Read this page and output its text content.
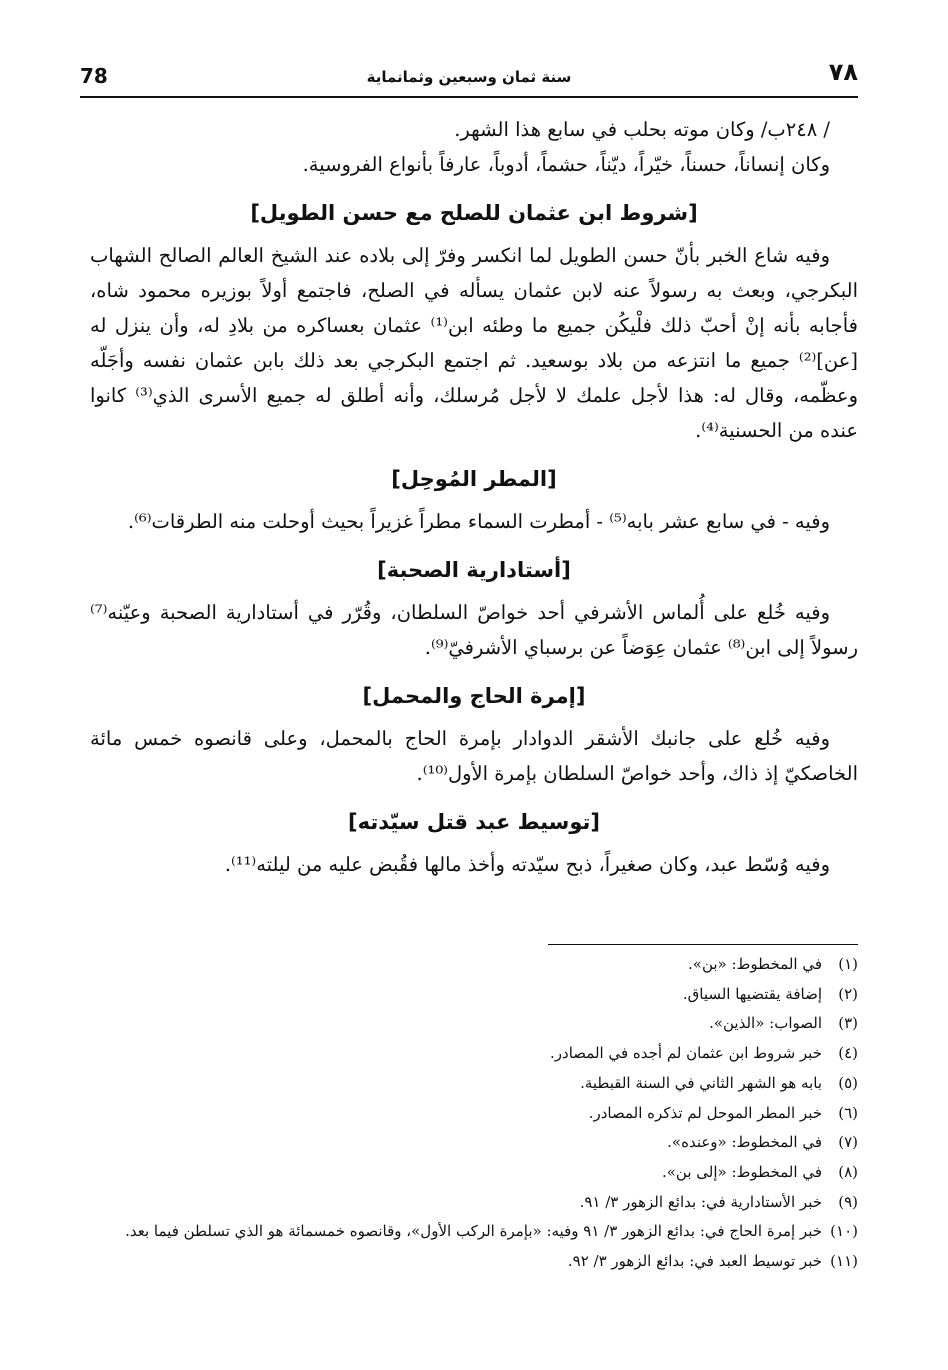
٧٨
سنة ثمان وسبعين وثمانماية
78

/ ٢٤٨ب/ وكان موته بحلب في سابع هذا الشهر.

وكان إنساناً، حسناً، خيّراً، ديّناً، حشماً، أدوباً، عارفاً بأنواع الفروسية.

[شروط ابن عثمان للصلح مع حسن الطويل]

وفيه شاع الخبر بأنّ حسن الطويل لما انكسر وفرّ إلى بلاده عند الشيخ العالم الصالح الشهاب البكرجي، وبعث به رسولاً عنه لابن عثمان يسأله في الصلح، فاجتمع أولاً بوزيره محمود شاه، فأجابه بأنه إنْ أحبّ ذلك فلْيكُن جميع ما وطئه ابن⁽¹⁾ عثمان بعساكره من بلادِ له، وأن ينزل له [عن]⁽²⁾ جميع ما انتزعه من بلاد بوسعيد. ثم اجتمع البكرجي بعد ذلك بابن عثمان نفسه وأجَلّه وعظّمه، وقال له: هذا لأجل علمك لا لأجل مُرسلك، وأنه أطلق له جميع الأسرى الذي⁽³⁾ كانوا عنده من الحسنية⁽⁴⁾.

[المطر المُوحِل]

وفيه - في سابع عشر بابه⁽⁵⁾ - أمطرت السماء مطراً غزيراً بحيث أوحلت منه الطرقات⁽⁶⁾.

[أستادارية الصحبة]

وفيه خُلع على أُلماس الأشرفي أحد خواصّ السلطان، وقُرّر في أستادارية الصحبة وعيّنه⁽⁷⁾ رسولاً إلى ابن⁽⁸⁾ عثمان عِوَضاً عن برسباي الأشرفيّ⁽⁹⁾.

[إمرة الحاج والمحمل]

وفيه خُلع على جانبك الأشقر الدوادار بإمرة الحاج بالمحمل، وعلى قانصوه خمس مائة الخاصكيّ إذ ذاك، وأحد خواصّ السلطان بإمرة الأول⁽¹⁰⁾.

[توسيط عبد قتل سيّدته]

وفيه وُسّط عبد، وكان صغيراً، ذبح سيّدته وأخذ مالها فقُبض عليه من ليلته⁽¹¹⁾.

(١)
في المخطوط: «بن».
(٢)
إضافة يقتضيها السياق.
(٣)
الصواب: «الذين».
(٤)
خبر شروط ابن عثمان لم أجده في المصادر.
(٥)
بابه هو الشهر الثاني في السنة القبطية.
(٦)
خبر المطر الموحل لم تذكره المصادر.
(٧)
في المخطوط: «وعنده».
(٨)
في المخطوط: «إلى بن».
(٩)
خبر الأستادارية في: بدائع الزهور ٣/ ٩١.
(١٠)
خبر إمرة الحاج في: بدائع الزهور ٣/ ٩١ وفيه: «بإمرة الركب الأول»، وقانصوه خمسمائة هو الذي تسلطن فيما بعد.
(١١)
خبر توسيط العبد في: بدائع الزهور ٣/ ٩٢.
